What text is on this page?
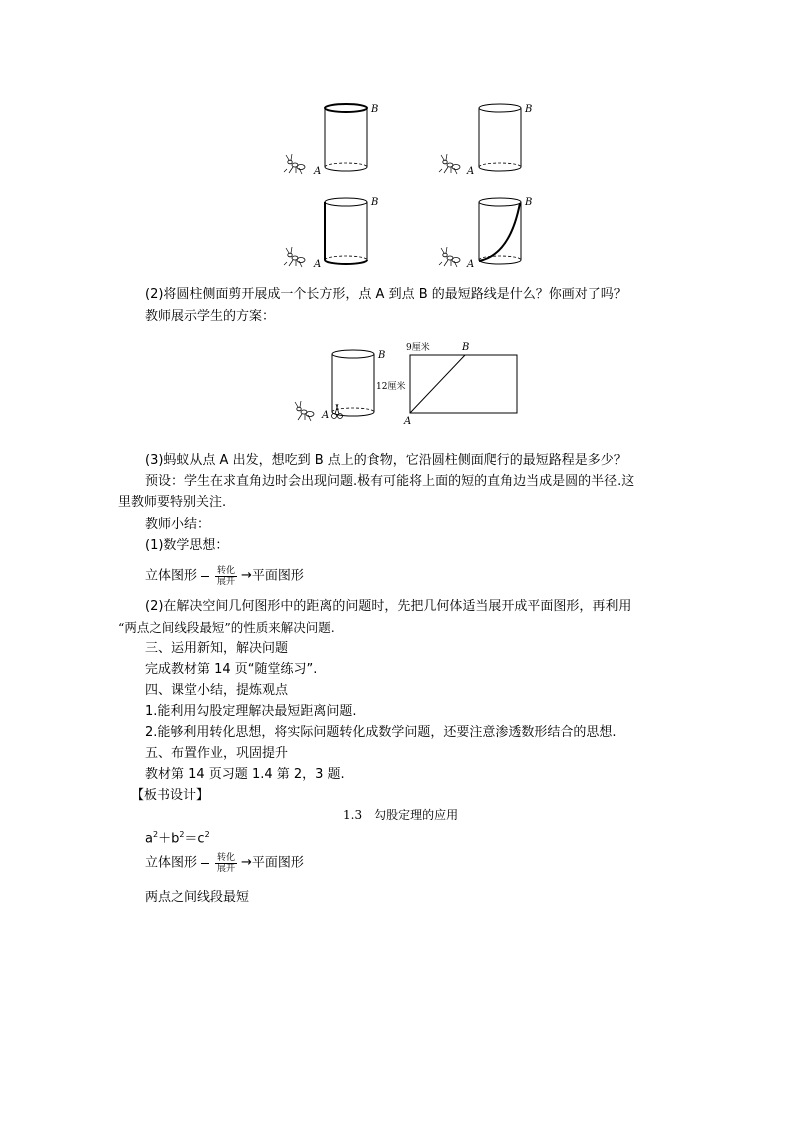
B
A
B
A
B
A
B
A
(2)将圆柱侧面剪开展成一个长方形，点 A 到点 B 的最短路线是什么？你画对了吗？
教师展示学生的方案：
B
A
9厘米	B
12厘米
A
(3)蚂蚁从点 A 出发，想吃到 B 点上的食物，它沿圆柱侧面爬行的最短路程是多少？
预设：学生在求直角边时会出现问题.极有可能将上面的短的直角边当成是圆的半径.这
里教师要特别关注.
教师小结：
(1)数学思想：
立体图形 $\frac{\text{转化}}{\text{展开}}$ →平面图形
(2)在解决空间几何图形中的距离的问题时，先把几何体适当展开成平面图形，再利用
“两点之间线段最短”的性质来解决问题.
三、运用新知，解决问题
完成教材第 14 页“随堂练习”.
四、课堂小结，提炼观点
1.能利用勾股定理解决最短距离问题.
2.能够利用转化思想，将实际问题转化成数学问题，还要注意渗透数形结合的思想.
五、布置作业，巩固提升
教材第 14 页习题 1.4 第 2，3 题.
【板书设计】
1.3　勾股定理的应用
$a^2+b^2=c^2$
立体图形 $\frac{\text{转化}}{\text{展开}}$ →平面图形
两点之间线段最短
